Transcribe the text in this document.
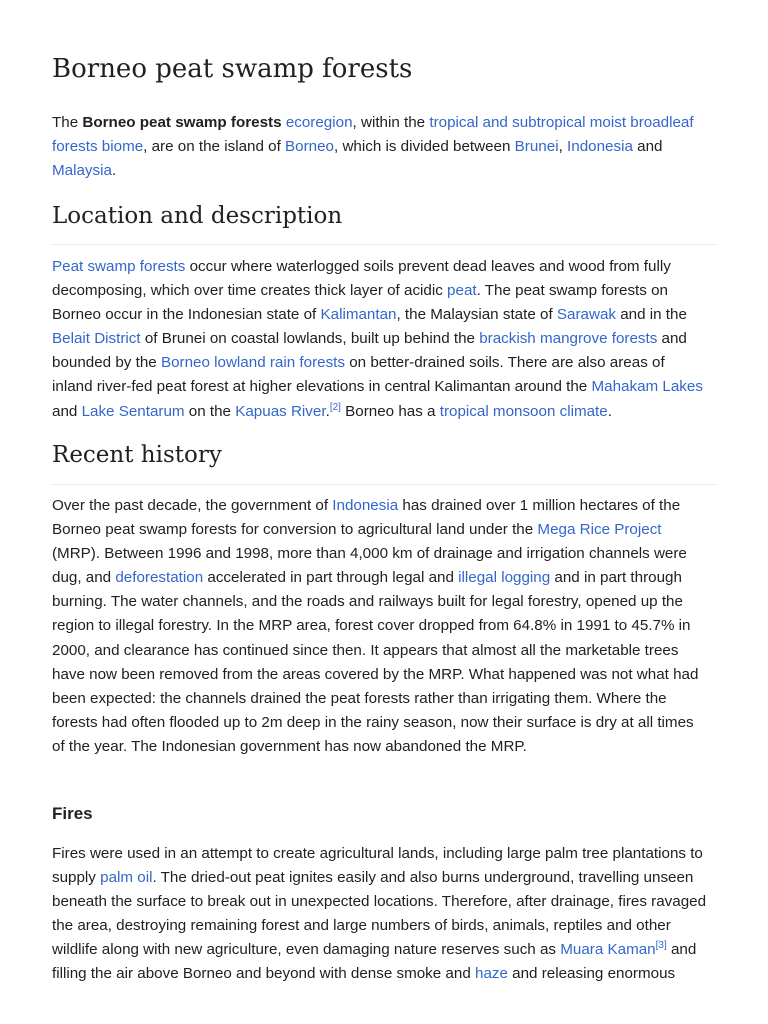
Borneo peat swamp forests

The Borneo peat swamp forests ecoregion, within the tropical and subtropical moist broadleaf
forests biome, are on the island of Borneo, which is divided between Brunei, Indonesia and
Malaysia.

Location and description

Peat swamp forests occur where waterlogged soils prevent dead leaves and wood from fully
decomposing, which over time creates thick layer of acidic peat. The peat swamp forests on
Borneo occur in the Indonesian state of Kalimantan, the Malaysian state of Sarawak and in the
Belait District of Brunei on coastal lowlands, built up behind the brackish mangrove forests and
bounded by the Borneo lowland rain forests on better-drained soils. There are also areas of
inland river-fed peat forest at higher elevations in central Kalimantan around the Mahakam Lakes
and Lake Sentarum on the Kapuas River.[2] Borneo has a tropical monsoon climate.

Recent history

Over the past decade, the government of Indonesia has drained over 1 million hectares of the
Borneo peat swamp forests for conversion to agricultural land under the Mega Rice Project
(MRP). Between 1996 and 1998, more than 4,000 km of drainage and irrigation channels were
dug, and deforestation accelerated in part through legal and illegal logging and in part through
burning. The water channels, and the roads and railways built for legal forestry, opened up the
region to illegal forestry. In the MRP area, forest cover dropped from 64.8% in 1991 to 45.7% in
2000, and clearance has continued since then. It appears that almost all the marketable trees
have now been removed from the areas covered by the MRP. What happened was not what had
been expected: the channels drained the peat forests rather than irrigating them. Where the
forests had often flooded up to 2m deep in the rainy season, now their surface is dry at all times
of the year. The Indonesian government has now abandoned the MRP.

Fires

Fires were used in an attempt to create agricultural lands, including large palm tree plantations to
supply palm oil. The dried-out peat ignites easily and also burns underground, travelling unseen
beneath the surface to break out in unexpected locations. Therefore, after drainage, fires ravaged
the area, destroying remaining forest and large numbers of birds, animals, reptiles and other
wildlife along with new agriculture, even damaging nature reserves such as Muara Kaman[3] and
filling the air above Borneo and beyond with dense smoke and haze and releasing enormous
